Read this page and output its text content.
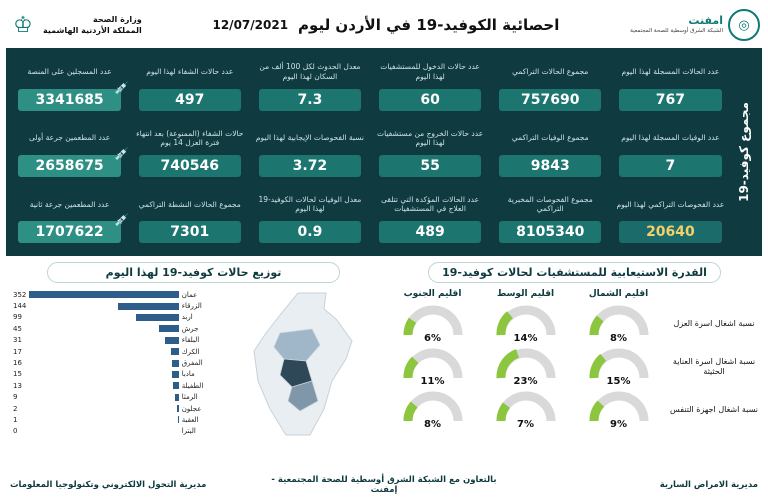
◎
امفنت
الشبكة الشرق أوسطية للصحة المجتمعية
احصائية الكوفيد-19 في الأردن ليوم
12/07/2021
وزارة الصحة
المملكة الأردنية الهاشمية
♔
مجموع كوفيد-19
عدد الحالات المسجلة لهذا اليوم
767
مجموع الحالات التراكمي
757690
عدد حالات الدخول للمستشفيات لهذا اليوم
60
معدل الحدوث لكل 100 ألف من السكان لهذا اليوم
7.3
عدد حالات الشفاء لهذا اليوم
497
عدد المسجلين على المنصة
3341685
💉
عدد الوفيات المسجلة لهذا اليوم
7
مجموع الوفيات التراكمي
9843
عدد حالات الخروج من مستشفيات لهذا اليوم
55
نسبة الفحوصات الإيجابية لهذا اليوم
3.72
حالات الشفاء (الممنوعة) بعد انتهاء فترة العزل 14 يوم
740546
عدد المطعمين جرعة أولى
2658675
💉
عدد الفحوصات التراكمي لهذا اليوم
20640
مجموع الفحوصات المخبرية التراكمي
8105340
عدد الحالات المؤكدة التي تتلقى العلاج في المستشفيات
489
معدل الوفيات لحالات الكوفيد-19 لهذا اليوم
0.9
مجموع الحالات النشطة التراكمي
7301
عدد المطعمين جرعة ثانية
1707622
💉
القدرة الاستيعابية للمستشفيات لحالات كوفيد-19
اقليم الشمال
اقليم الوسط
اقليم الجنوب
نسبة اشغال اسرة العزل
8%
14%
6%
نسبة اشغال اسرة العناية الحثيثة
15%
23%
11%
نسبة اشغال اجهزة التنفس
9%
7%
8%
توزيع حالات كوفيد-19 لهذا اليوم
عمان
352
الزرقاء
144
اربد
99
جرش
45
البلقاء
31
الكرك
17
المفرق
16
مادبا
15
الطفيلة
13
الرمثا
9
عجلون
2
العقبة
1
البترا
0
مديرية الامراض السارية
بالتعاون مع الشبكة الشرق أوسطية للصحة المجتمعية - إمفنت
مديرية التحول الالكتروني وتكنولوجيا المعلومات
